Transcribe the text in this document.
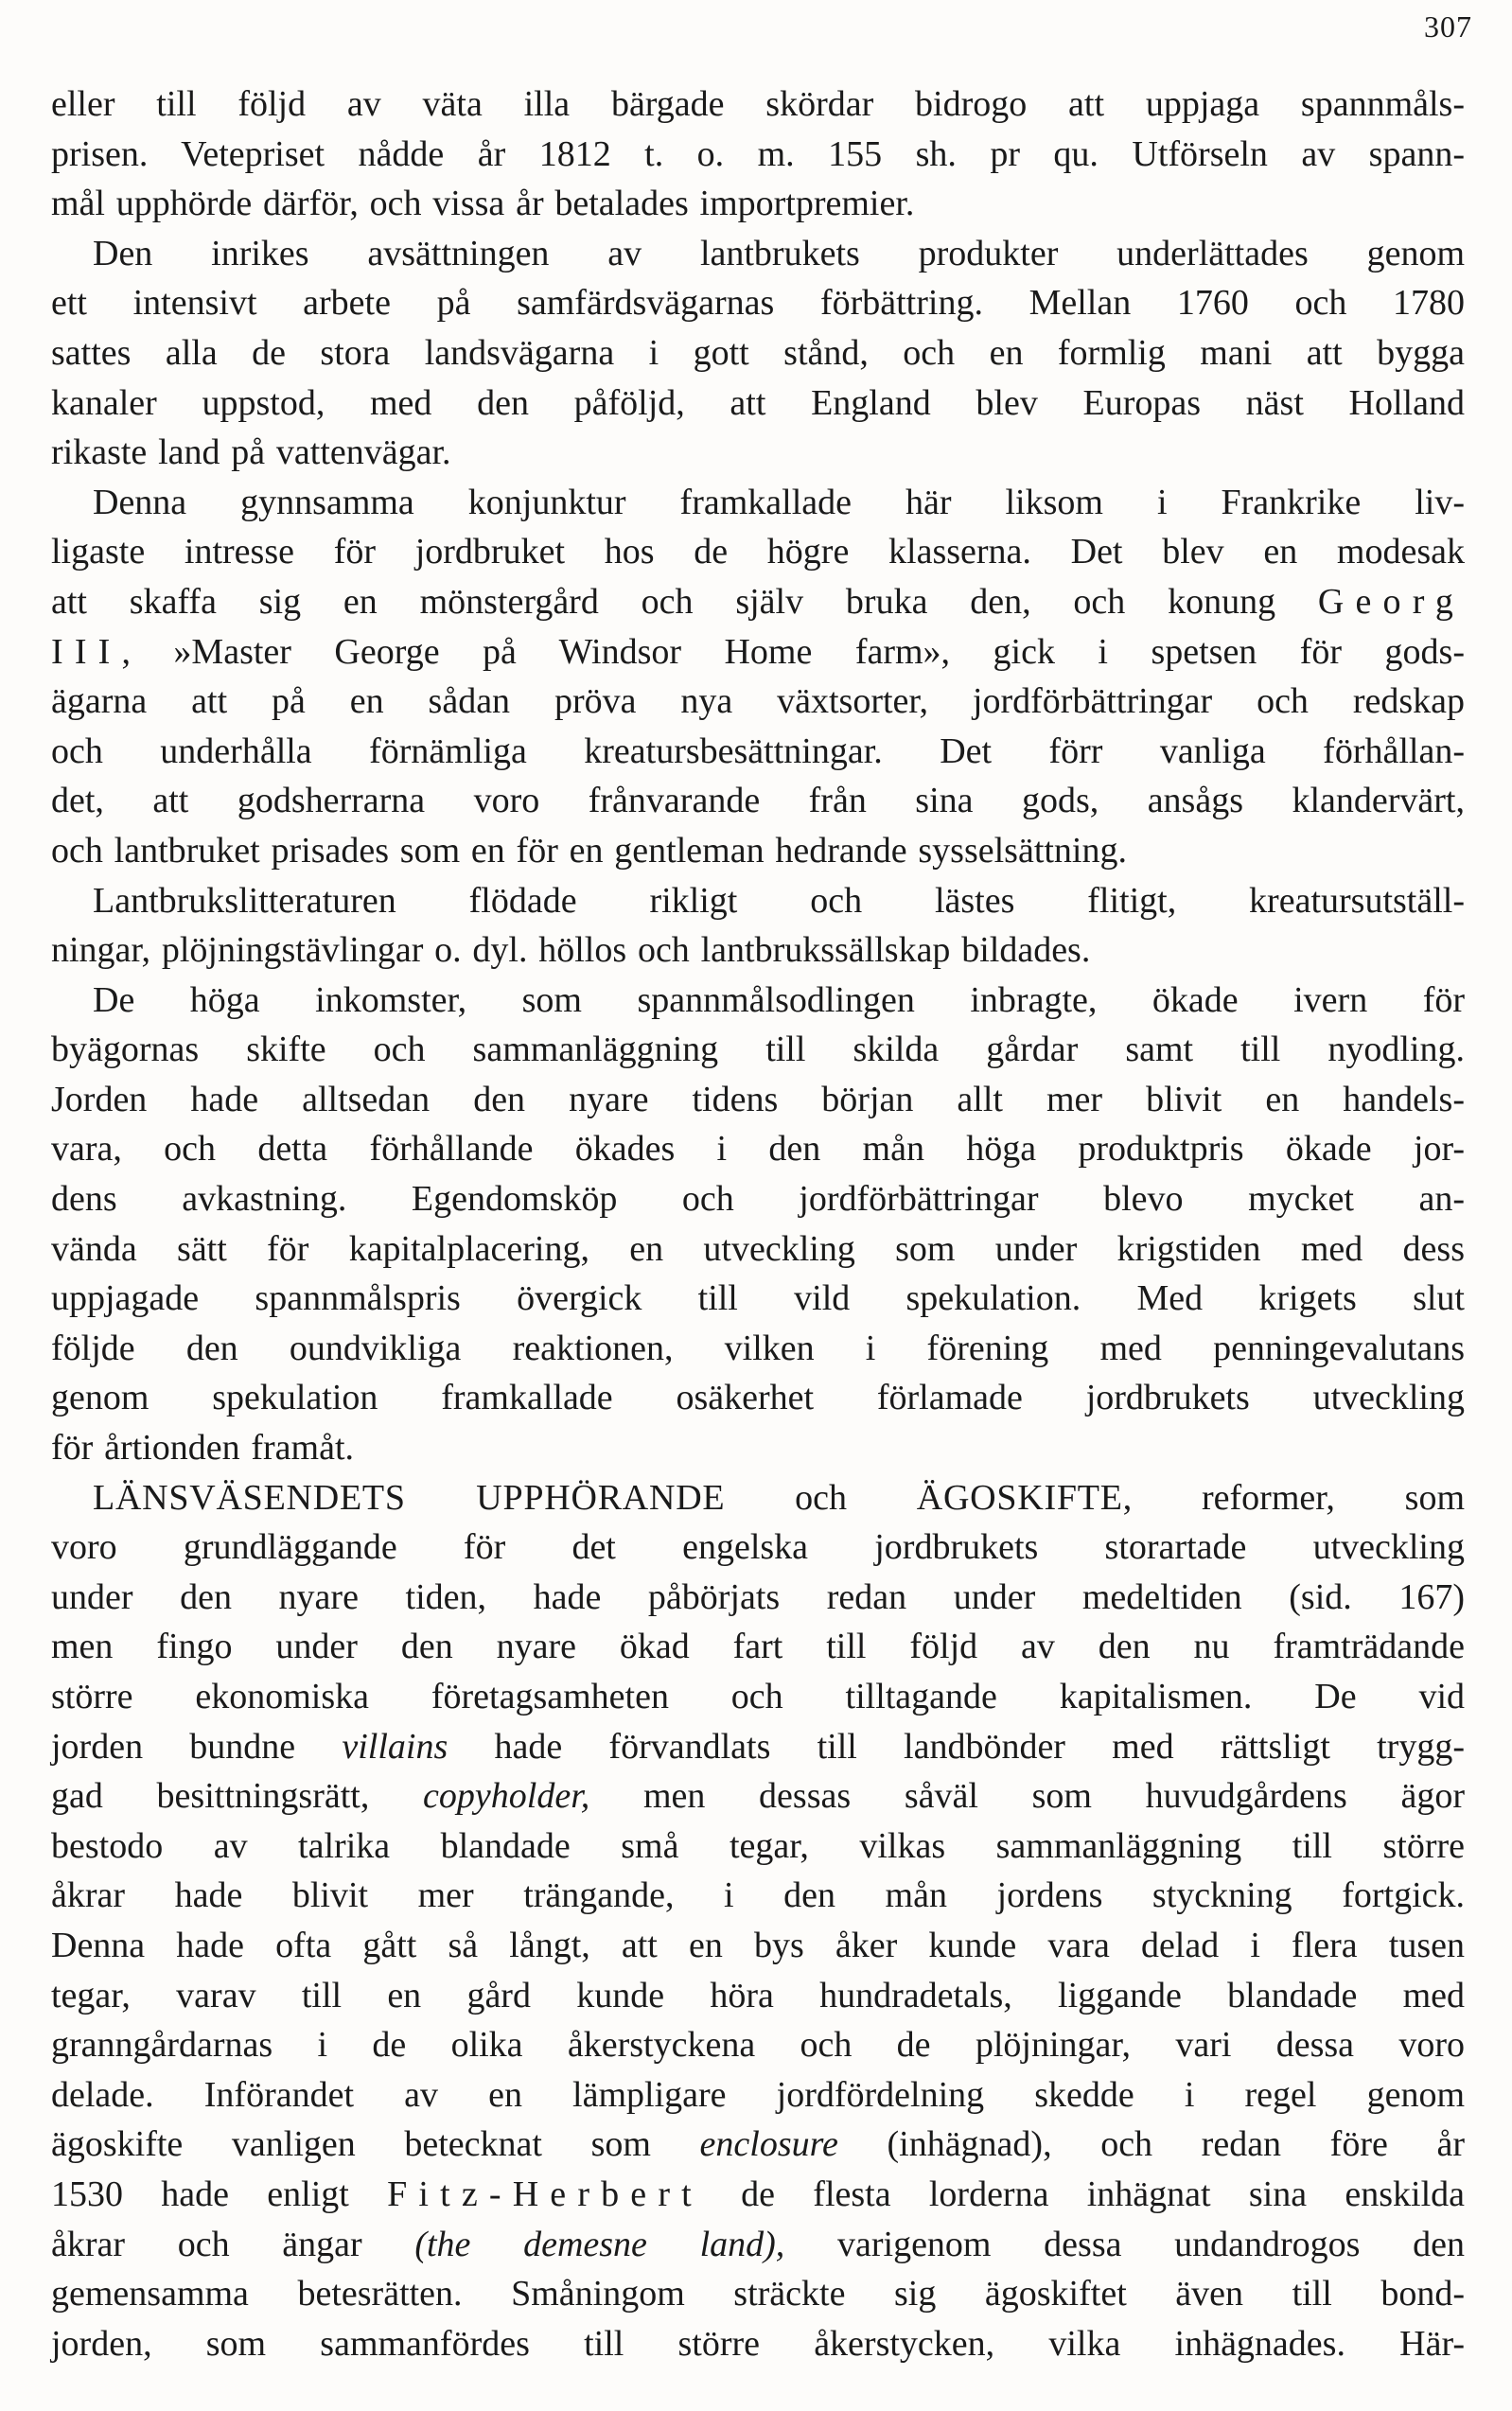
307

eller till följd av väta illa bärgade skördar bidrogo att uppjaga spannmåls-

prisen. Vetepriset nådde år 1812 t. o. m. 155 sh. pr qu. Utförseln av spann-

mål upphörde därför, och vissa år betalades importpremier.

Den inrikes avsättningen av lantbrukets produkter underlättades genom

ett intensivt arbete på samfärdsvägarnas förbättring. Mellan 1760 och 1780

sattes alla de stora landsvägarna i gott stånd, och en formlig mani att bygga

kanaler uppstod, med den påföljd, att England blev Europas näst Holland

rikaste land på vattenvägar.

Denna gynnsamma konjunktur framkallade här liksom i Frankrike liv-

ligaste intresse för jordbruket hos de högre klasserna. Det blev en modesak

att skaffa sig en mönstergård och själv bruka den, och konung Georg

III, »Master George på Windsor Home farm», gick i spetsen för gods-

ägarna att på en sådan pröva nya växtsorter, jordförbättringar och redskap

och underhålla förnämliga kreatursbesättningar. Det förr vanliga förhållan-

det, att godsherrarna voro frånvarande från sina gods, ansågs klandervärt,

och lantbruket prisades som en för en gentleman hedrande sysselsättning.

Lantbrukslitteraturen flödade rikligt och lästes flitigt, kreatursutställ-

ningar, plöjningstävlingar o. dyl. höllos och lantbrukssällskap bildades.

De höga inkomster, som spannmålsodlingen inbragte, ökade ivern för

byägornas skifte och sammanläggning till skilda gårdar samt till nyodling.

Jorden hade alltsedan den nyare tidens början allt mer blivit en handels-

vara, och detta förhållande ökades i den mån höga produktpris ökade jor-

dens avkastning. Egendomsköp och jordförbättringar blevo mycket an-

vända sätt för kapitalplacering, en utveckling som under krigstiden med dess

uppjagade spannmålspris övergick till vild spekulation. Med krigets slut

följde den oundvikliga reaktionen, vilken i förening med penningevalutans

genom spekulation framkallade osäkerhet förlamade jordbrukets utveckling

för årtionden framåt.

LÄNSVÄSENDETS UPPHÖRANDE och ÄGOSKIFTE, reformer, som

voro grundläggande för det engelska jordbrukets storartade utveckling

under den nyare tiden, hade påbörjats redan under medeltiden (sid. 167)

men fingo under den nyare ökad fart till följd av den nu framträdande

större ekonomiska företagsamheten och tilltagande kapitalismen. De vid

jorden bundne villains hade förvandlats till landbönder med rättsligt trygg-

gad besittningsrätt, copyholder, men dessas såväl som huvudgårdens ägor

bestodo av talrika blandade små tegar, vilkas sammanläggning till större

åkrar hade blivit mer trängande, i den mån jordens styckning fortgick.

Denna hade ofta gått så långt, att en bys åker kunde vara delad i flera tusen

tegar, varav till en gård kunde höra hundradetals, liggande blandade med

granngårdarnas i de olika åkerstyckena och de plöjningar, vari dessa voro

delade. Införandet av en lämpligare jordfördelning skedde i regel genom

ägoskifte vanligen betecknat som enclosure (inhägnad), och redan före år

1530 hade enligt Fitz-Herbert de flesta lorderna inhägnat sina enskilda

åkrar och ängar (the demesne land), varigenom dessa undandrogos den

gemensamma betesrätten. Småningom sträckte sig ägoskiftet även till bond-

jorden, som sammanfördes till större åkerstycken, vilka inhägnades. Här-
